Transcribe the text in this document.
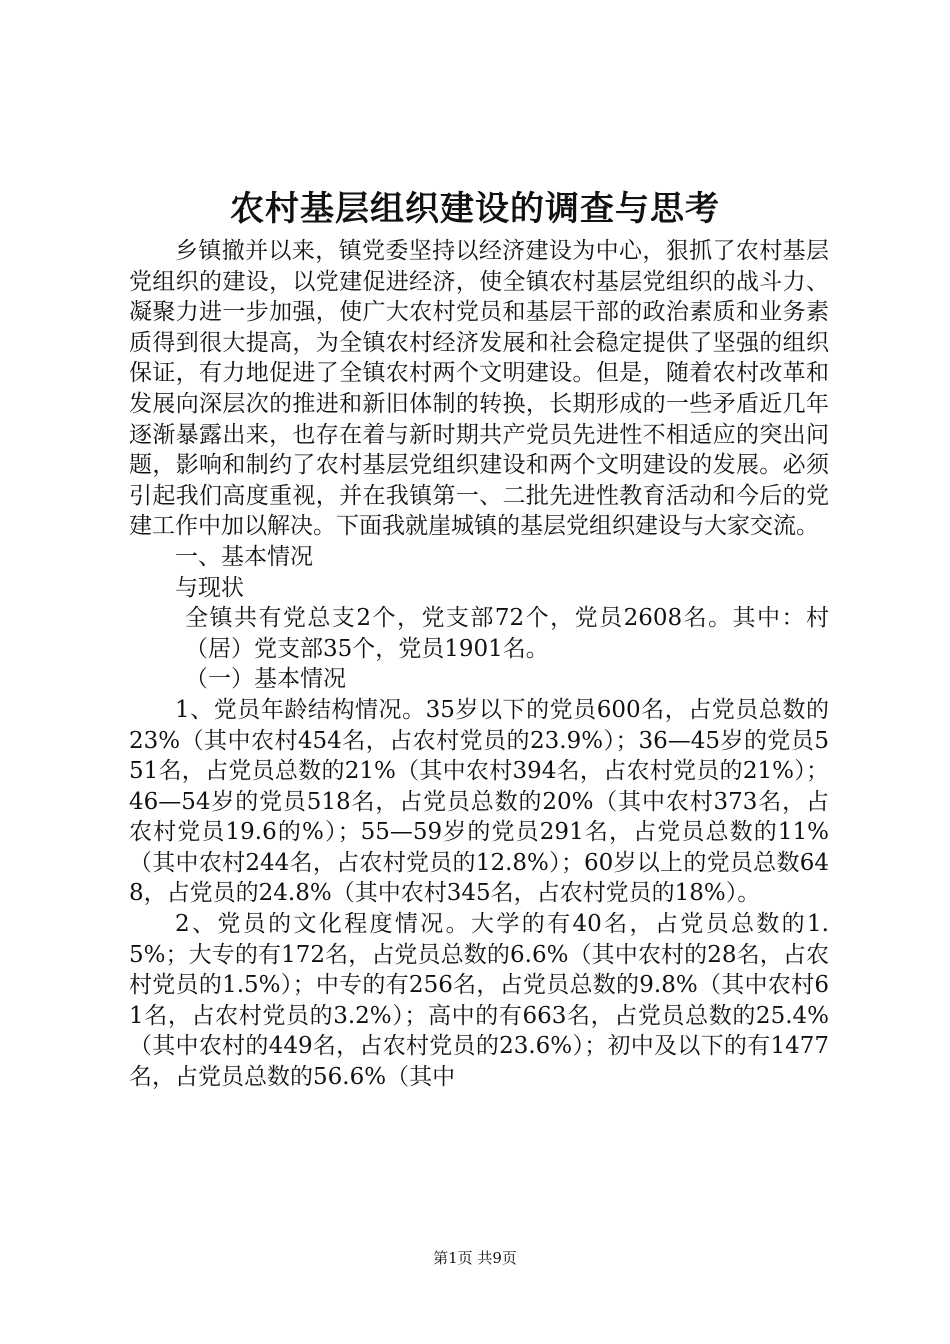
农村基层组织建设的调查与思考

乡镇撤并以来，镇党委坚持以经济建设为中心，狠抓了农村基层党组织的建设，以党建促进经济，使全镇农村基层党组织的战斗力、凝聚力进一步加强，使广大农村党员和基层干部的政治素质和业务素质得到很大提高，为全镇农村经济发展和社会稳定提供了坚强的组织保证，有力地促进了全镇农村两个文明建设。但是，随着农村改革和发展向深层次的推进和新旧体制的转换，长期形成的一些矛盾近几年逐渐暴露出来，也存在着与新时期共产党员先进性不相适应的突出问题，影响和制约了农村基层党组织建设和两个文明建设的发展。必须引起我们高度重视，并在我镇第一、二批先进性教育活动和今后的党建工作中加以解决。下面我就崖城镇的基层党组织建设与大家交流。

一、基本情况

与现状

全镇共有党总支2个，党支部72个，党员2608名。其中：村（居）党支部35个，党员1901名。

（一）基本情况

1、党员年龄结构情况。35岁以下的党员600名，占党员总数的23%（其中农村454名，占农村党员的23.9%）；36—45岁的党员551名，占党员总数的21%（其中农村394名，占农村党员的21%）；46—54岁的党员518名，占党员总数的20%（其中农村373名，占农村党员19.6的%）；55—59岁的党员291名，占党员总数的11%（其中农村244名，占农村党员的12.8%）；60岁以上的党员总数648，占党员的24.8%（其中农村345名，占农村党员的18%）。

2、党员的文化程度情况。大学的有40名，占党员总数的1.5%；大专的有172名，占党员总数的6.6%（其中农村的28名，占农村党员的1.5%）；中专的有256名，占党员总数的9.8%（其中农村61名，占农村党员的3.2%）；高中的有663名，占党员总数的25.4%（其中农村的449名，占农村党员的23.6%）；初中及以下的有1477名，占党员总数的56.6%（其中

第1页 共9页
